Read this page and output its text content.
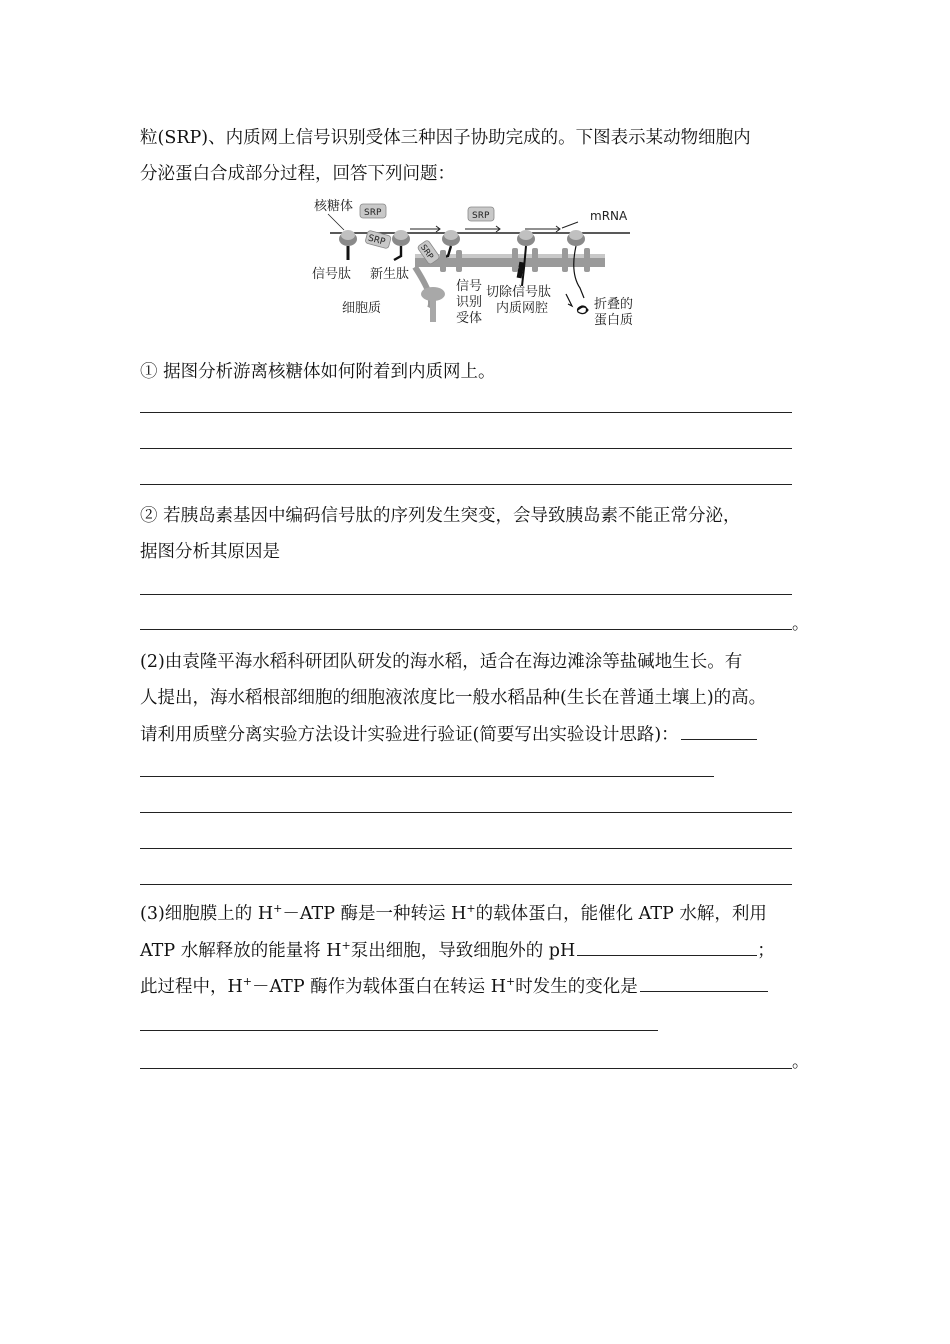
粒(SRP)、内质网上信号识别受体三种因子协助完成的。下图表示某动物细胞内
分泌蛋白合成部分过程，回答下列问题：
SRP
SRP
SRP
SRP
核糖体
mRNA
信号肽 新生肽
细胞质
信号
识别
受体
切除信号肽
内质网腔	折叠的
蛋白质
① 据图分析游离核糖体如何附着到内质网上。
② 若胰岛素基因中编码信号肽的序列发生突变，会导致胰岛素不能正常分泌，
据图分析其原因是
。
(2)由袁隆平海水稻科研团队研发的海水稻，适合在海边滩涂等盐碱地生长。有
人提出，海水稻根部细胞的细胞液浓度比一般水稻品种(生长在普通土壤上)的高。
请利用质壁分离实验方法设计实验进行验证(简要写出实验设计思路)：
(3)细胞膜上的 H+－ATP 酶是一种转运 H+的载体蛋白，能催化 ATP 水解，利用
ATP 水解释放的能量将 H+泵出细胞，导致细胞外的 pH	；
此过程中，H+－ATP 酶作为载体蛋白在转运 H+时发生的变化是
。
